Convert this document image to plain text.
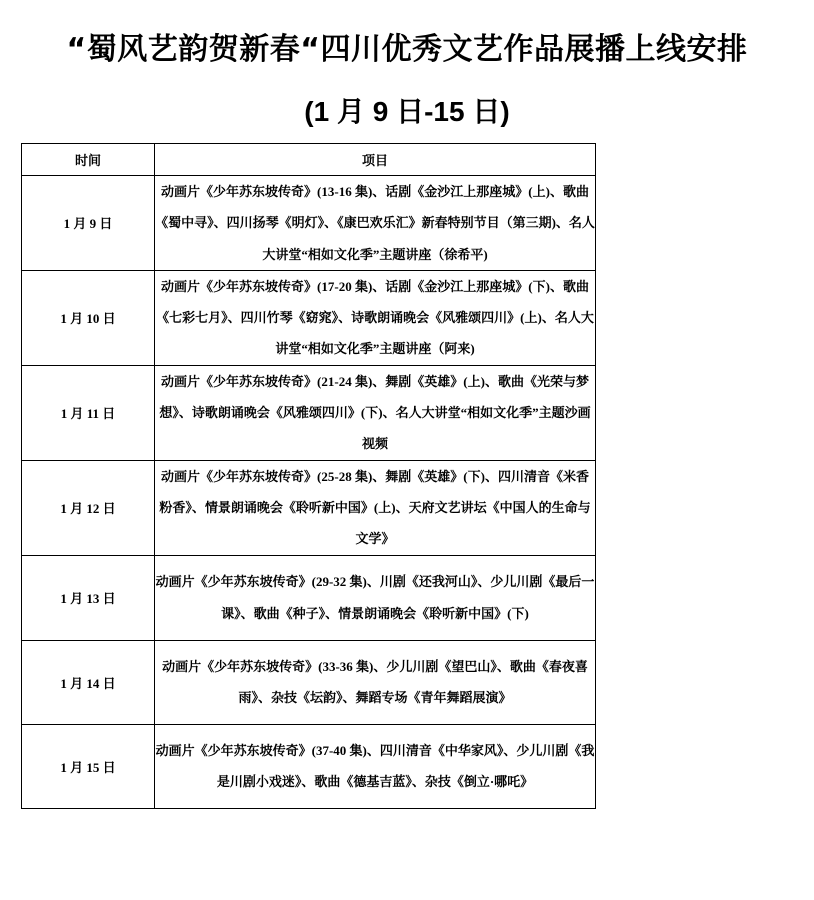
“蜀风艺韵贺新春“四川优秀文艺作品展播上线安排
(1 月 9 日-15 日)
时间	项目
1 月 9 日	动画片《少年苏东坡传奇》(13-16 集)、话剧《金沙江上那座城》(上)、歌曲《蜀中寻》、四川扬琴《明灯》、《康巴欢乐汇》新春特别节目（第三期)、名人大讲堂“相如文化季”主题讲座（徐希平)
1 月 10 日	动画片《少年苏东坡传奇》(17-20 集)、话剧《金沙江上那座城》(下)、歌曲《七彩七月》、四川竹琴《窈窕》、诗歌朗诵晚会《风雅颂四川》(上)、名人大讲堂“相如文化季”主题讲座（阿来)
1 月 11 日	动画片《少年苏东坡传奇》(21-24 集)、舞剧《英雄》(上)、歌曲《光荣与梦想》、诗歌朗诵晚会《风雅颂四川》(下)、名人大讲堂“相如文化季”主题沙画视频
1 月 12 日	动画片《少年苏东坡传奇》(25-28 集)、舞剧《英雄》(下)、四川清音《米香粉香》、情景朗诵晚会《聆听新中国》(上)、天府文艺讲坛《中国人的生命与文学》
1 月 13 日	动画片《少年苏东坡传奇》(29-32 集)、川剧《还我河山》、少儿川剧《最后一课》、歌曲《种子》、情景朗诵晚会《聆听新中国》(下)
1 月 14 日	动画片《少年苏东坡传奇》(33-36 集)、少儿川剧《望巴山》、歌曲《春夜喜雨》、杂技《坛韵》、舞蹈专场《青年舞蹈展演》
1 月 15 日	动画片《少年苏东坡传奇》(37-40 集)、四川清音《中华家风》、少儿川剧《我是川剧小戏迷》、歌曲《德基吉蓝》、杂技《倒立·哪吒》
